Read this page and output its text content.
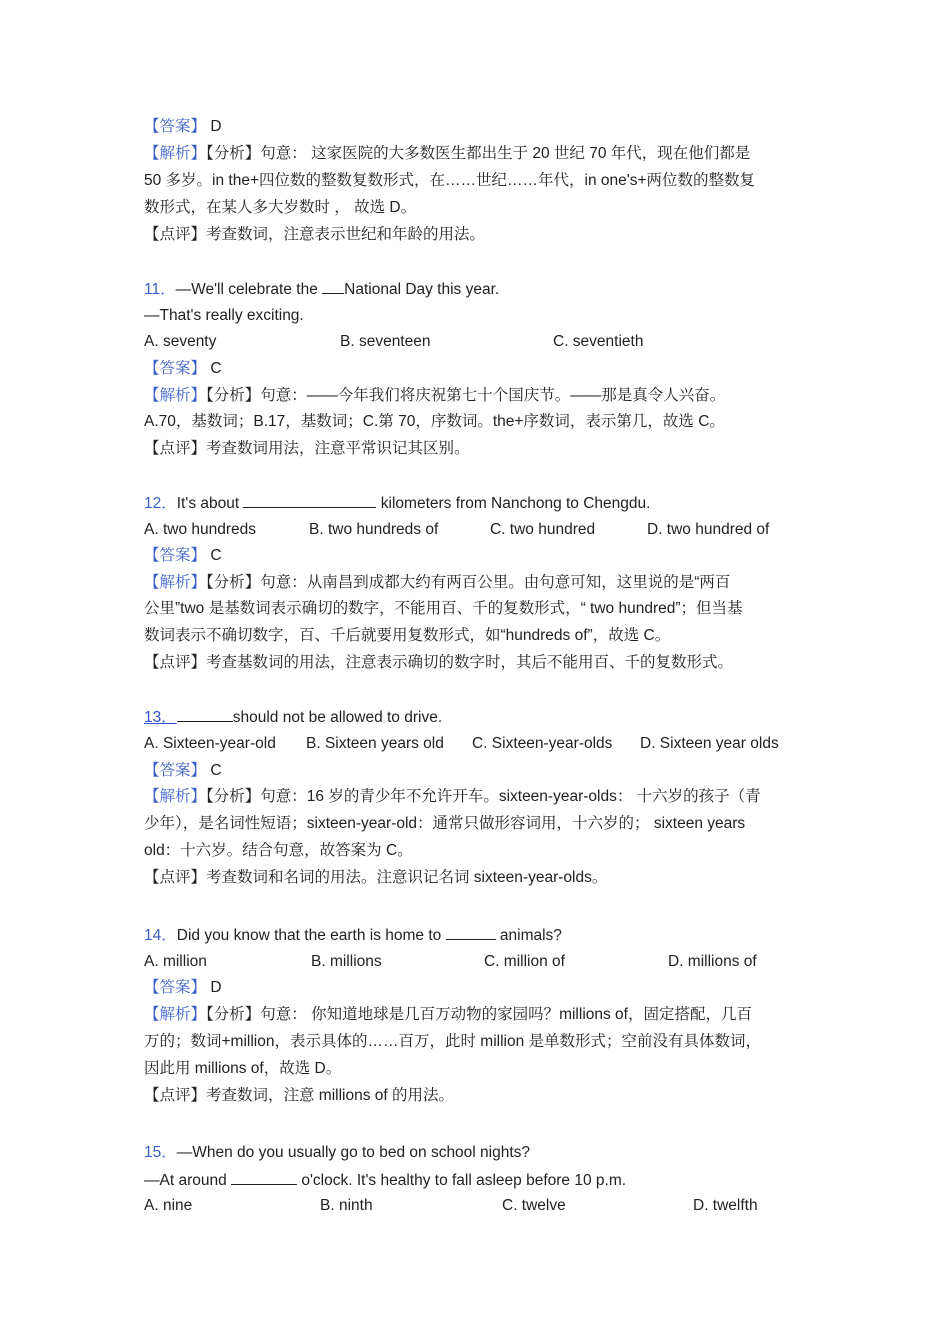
【答案】 D
【解析】【分析】句意： 这家医院的大多数医生都出生于 20 世纪 70 年代，现在他们都是
50 多岁。in the+四位数的整数复数形式，在……世纪……年代，in one's+两位数的整数复
数形式，在某人多大岁数时 ， 故选 D。
【点评】考查数词，注意表示世纪和年龄的用法。
11．—We'll celebrate the National Day this year.
—That's really exciting.
A. seventy	B. seventeen	C. seventieth
【答案】 C
【解析】【分析】句意：——今年我们将庆祝第七十个国庆节。——那是真令人兴奋。
A.70，基数词；B.17，基数词；C.第 70，序数词。the+序数词，表示第几，故选 C。
【点评】考查数词用法，注意平常识记其区别。
12．It's about	kilometers from Nanchong to Chengdu.
A. two hundreds	B. two hundreds of	C. two hundred	D. two hundred of
【答案】 C
【解析】【分析】句意：从南昌到成都大约有两百公里。由句意可知，这里说的是“两百
公里”two 是基数词表示确切的数字，不能用百、千的复数形式，“ two hundred”；但当基
数词表示不确切数字，百、千后就要用复数形式，如“hundreds of”，故选 C。
【点评】考查基数词的用法，注意表示确切的数字时，其后不能用百、千的复数形式。
13．	should not be allowed to drive.
A. Sixteen-year-old B. Sixteen years old C. Sixteen-year-olds D. Sixteen year olds
【答案】 C
【解析】【分析】句意：16 岁的青少年不允许开车。sixteen-year-olds： 十六岁的孩子（青
少年），是名词性短语；sixteen-year-old：通常只做形容词用，十六岁的； sixteen years
old：十六岁。结合句意，故答案为 C。
【点评】考查数词和名词的用法。注意识记名词 sixteen-year-olds。
14．Did you know that the earth is home to	animals?
A. million	B. millions	C. million of	D. millions of
【答案】 D
【解析】【分析】句意： 你知道地球是几百万动物的家园吗？millions of，固定搭配，几百
万的；数词+million，表示具体的……百万，此时 million 是单数形式；空前没有具体数词，
因此用 millions of，故选 D。
【点评】考查数词，注意 millions of 的用法。
15．—When do you usually go to bed on school nights?
—At around	o'clock. It's healthy to fall asleep before 10 p.m.
A. nine	B. ninth	C. twelve	D. twelfth
